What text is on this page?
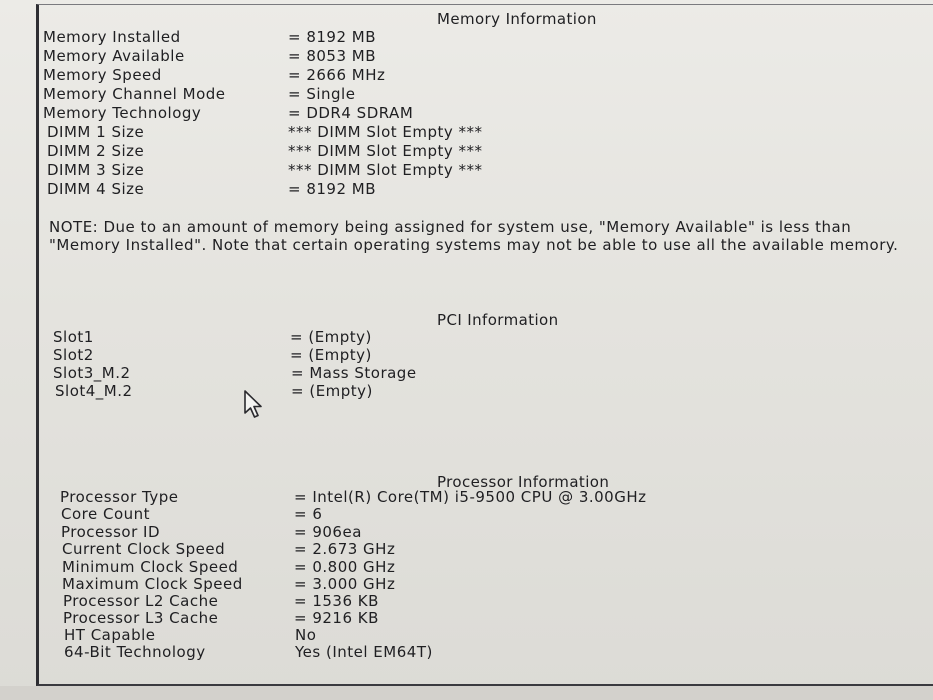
Memory Information
Memory Installed	= 8192 MB
Memory Available	= 8053 MB
Memory Speed	= 2666 MHz
Memory Channel Mode	= Single
Memory Technology	= DDR4 SDRAM
DIMM 1 Size	*** DIMM Slot Empty ***
DIMM 2 Size	*** DIMM Slot Empty ***
DIMM 3 Size	*** DIMM Slot Empty ***
DIMM 4 Size	= 8192 MB
NOTE: Due to an amount of memory being assigned for system use, "Memory Available" is less than "Memory Installed". Note that certain operating systems may not be able to use all the available memory.
PCI Information
Slot1	= (Empty)
Slot2	= (Empty)
Slot3_M.2	= Mass Storage
Slot4_M.2	= (Empty)
Processor Information
Processor Type	= Intel(R) Core(TM) i5-9500 CPU @ 3.00GHz
Core Count	= 6
Processor ID	= 906ea
Current Clock Speed	= 2.673 GHz
Minimum Clock Speed	= 0.800 GHz
Maximum Clock Speed	= 3.000 GHz
Processor L2 Cache	= 1536 KB
Processor L3 Cache	= 9216 KB
HT Capable	No
64-Bit Technology	Yes (Intel EM64T)
